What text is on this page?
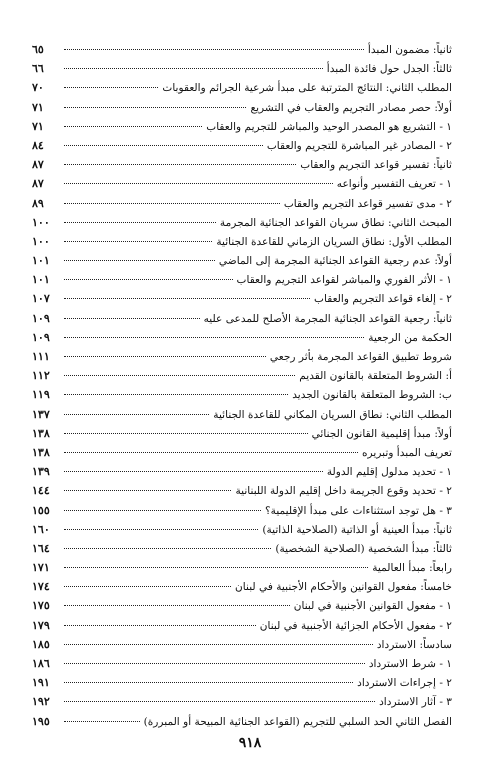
ثانياً: مضمون المبدأ
٦٥
ثالثاً: الجدل حول فائدة المبدأ
٦٦
المطلب الثاني: النتائج المترتبة على مبدأ شرعية الجرائم والعقوبات
٧٠
أولاً: حصر مصادر التجريم والعقاب في التشريع
٧١
١ - التشريع هو المصدر الوحيد والمباشر للتجريم والعقاب
٧١
٢ - المصادر غير المباشرة للتجريم والعقاب
٨٤
ثانياً: تفسير قواعد التجريم والعقاب
٨٧
١ - تعريف التفسير وأنواعه
٨٧
٢ - مدى تفسير قواعد التجريم والعقاب
٨٩
المبحث الثاني: نطاق سريان القواعد الجنائية المجرمة
١٠٠
المطلب الأول: نطاق السريان الزماني للقاعدة الجنائية
١٠٠
أولاً: عدم رجعية القواعد الجنائية المجرمة إلى الماضي
١٠١
١ - الأثر الفوري والمباشر لقواعد التجريم والعقاب
١٠١
٢ - إلغاء قواعد التجريم والعقاب
١٠٧
ثانياً: رجعية القواعد الجنائية المجرمة الأصلح للمدعى عليه
١٠٩
الحكمة من الرجعية
١٠٩
شروط تطبيق القواعد المجرمة بأثر رجعي
١١١
أ: الشروط المتعلقة بالقانون القديم
١١٢
ب: الشروط المتعلقة بالقانون الجديد
١١٩
المطلب الثاني: نطاق السريان المكاني للقاعدة الجنائية
١٣٧
أولاً: مبدأ إقليمية القانون الجنائي
١٣٨
تعريف المبدأ وتبريره
١٣٨
١ - تحديد مدلول إقليم الدولة
١٣٩
٢ - تحديد وقوع الجريمة داخل إقليم الدولة اللبنانية
١٤٤
٣ - هل توجد استثناءات على مبدأ الإقليمية؟
١٥٥
ثانياً: مبدأ العينية أو الذاتية (الصلاحية الذاتية)
١٦٠
ثالثاً: مبدأ الشخصية (الصلاحية الشخصية)
١٦٤
رابعاً: مبدأ العالمية
١٧١
خامساً: مفعول القوانين والأحكام الأجنبية في لبنان
١٧٤
١ - مفعول القوانين الأجنبية في لبنان
١٧٥
٢ - مفعول الأحكام الجزائية الأجنبية في لبنان
١٧٩
سادساً: الاسترداد
١٨٥
١ - شرط الاسترداد
١٨٦
٢ - إجراءات الاسترداد
١٩١
٣ - آثار الاسترداد
١٩٢
الفصل الثاني الحد السلبي للتجريم (القواعد الجنائية المبيحة أو المبررة)
١٩٥
٩١٨
